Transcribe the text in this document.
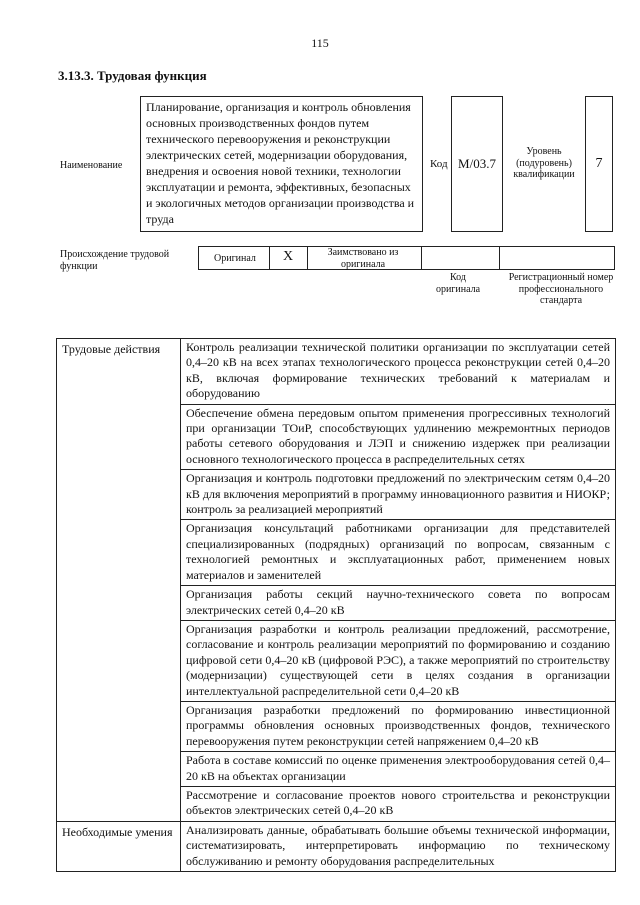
115
3.13.3. Трудовая функция
Наименование
Планирование, организация и контроль обновления основных производственных фондов путем технического перевооружения и реконструкции электрических сетей, модернизации оборудования, внедрения и освоения новой техники, технологии эксплуатации и ремонта, эффективных, безопасных и экологичных методов организации производства и труда
Код M/03.7
Уровень (подуровень) квалификации
7
Происхождение трудовой функции
Оригинал X	Заимствовано из оригинала
Код оригинала
Регистрационный номер профессионального стандарта
Трудовые действия	Контроль реализации технической политики организации по эксплуатации сетей 0,4–20 кВ на всех этапах технологического процесса реконструкции сетей 0,4–20 кВ, включая формирование технических требований к материалам и оборудованию
	Обеспечение обмена передовым опытом применения прогрессивных технологий при организации ТОиР, способствующих удлинению межремонтных периодов работы сетевого оборудования и ЛЭП и снижению издержек при реализации основного технологического процесса в распределительных сетях
	Организация и контроль подготовки предложений по электрическим сетям 0,4–20 кВ для включения мероприятий в программу инновационного развития и НИОКР; контроль за реализацией мероприятий
	Организация консультаций работниками организации для представителей специализированных (подрядных) организаций по вопросам, связанным с технологией ремонтных и эксплуатационных работ, применением новых материалов и заменителей
	Организация работы секций научно-технического совета по вопросам электрических сетей 0,4–20 кВ
	Организация разработки и контроль реализации предложений, рассмотрение, согласование и контроль реализации мероприятий по формированию и созданию цифровой сети 0,4–20 кВ (цифровой РЭС), а также мероприятий по строительству (модернизации) существующей сети в целях создания в организации интеллектуальной распределительной сети 0,4–20 кВ
	Организация разработки предложений по формированию инвестиционной программы обновления основных производственных фондов, технического перевооружения путем реконструкции сетей напряжением 0,4–20 кВ
	Работа в составе комиссий по оценке применения электрооборудования сетей 0,4–20 кВ на объектах организации
	Рассмотрение и согласование проектов нового строительства и реконструкции объектов электрических сетей 0,4–20 кВ
Необходимые умения	Анализировать данные, обрабатывать большие объемы технической информации, систематизировать, интерпретировать информацию по техническому обслуживанию и ремонту оборудования распределительных
